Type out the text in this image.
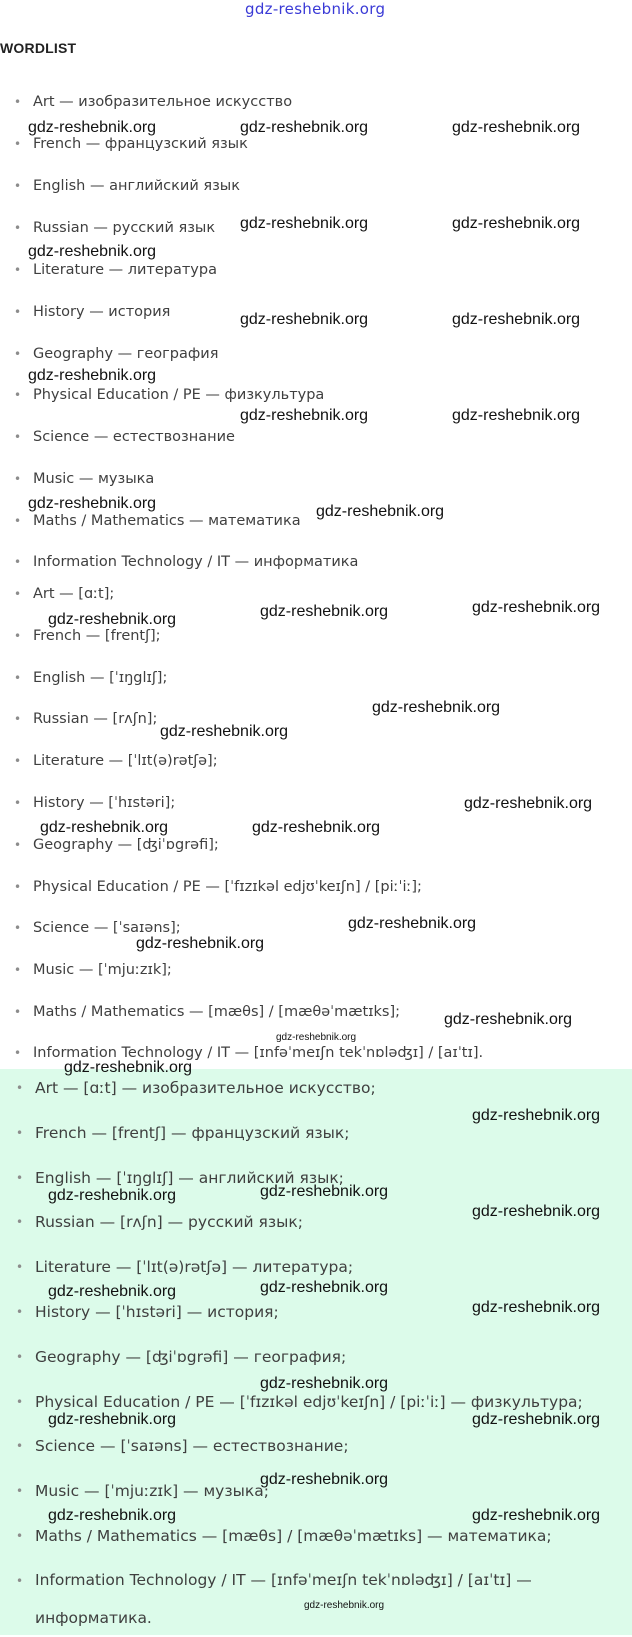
gdz-reshebnik.org
WORDLIST
• Art — изобразительное искусство
• French — французский язык
• English — английский язык
• Russian — русский язык
• Literature — литература
• History — история
• Geography — география
• Physical Education / PE — физкультура
• Science — естествознание
• Music — музыка
• Maths / Mathematics — математика
• Information Technology / IT — информатика
• Art — [ɑːt];
• French — [frentʃ];
• English — [ˈɪŋglɪʃ];
• Russian — [rʌʃn];
• Literature — [ˈlɪt(ə)rətʃə];
• History — [ˈhɪstəri];
• Geography — [ʤiˈɒgrəfi];
• Physical Education / PE — [ˈfɪzɪkəl edjʊˈkeɪʃn] / [piːˈiː];
• Science — [ˈsaɪəns];
• Music — [ˈmjuːzɪk];
• Maths / Mathematics — [mæθs] / [mæθəˈmætɪks];
• Information Technology / IT — [ɪnfəˈmeɪʃn tekˈnɒləʤɪ] / [aɪˈtɪ].
• Art — [ɑːt] — изобразительное искусство;
• French — [frentʃ] — французский язык;
• English — [ˈɪŋglɪʃ] — английский язык;
• Russian — [rʌʃn] — русский язык;
• Literature — [ˈlɪt(ə)rətʃə] — литература;
• History — [ˈhɪstəri] — история;
• Geography — [ʤiˈɒgrəfi] — география;
• Physical Education / PE — [ˈfɪzɪkəl edjʊˈkeɪʃn] / [piːˈiː] — физкультура;
• Science — [ˈsaɪəns] — естествознание;
• Music — [ˈmjuːzɪk] — музыка;
• Maths / Mathematics — [mæθs] / [mæθəˈmætɪks] — математика;
• Information Technology / IT — [ɪnfəˈmeɪʃn tekˈnɒləʤɪ] / [aɪˈtɪ] — информатика.
gdz-reshebnik.org	gdz-reshebnik.org	gdz-reshebnik.org
gdz-reshebnik.org	gdz-reshebnik.org
gdz-reshebnik.org
gdz-reshebnik.org	gdz-reshebnik.org
gdz-reshebnik.org
gdz-reshebnik.org	gdz-reshebnik.org
gdz-reshebnik.org	gdz-reshebnik.org
gdz-reshebnik.org
gdz-reshebnik.org
gdz-reshebnik.org
gdz-reshebnik.org
gdz-reshebnik.org
gdz-reshebnik.org
gdz-reshebnik.org	gdz-reshebnik.org
gdz-reshebnik.org
gdz-reshebnik.org
gdz-reshebnik.org
gdz-reshebnik.org
gdz-reshebnik.org
gdz-reshebnik.org
gdz-reshebnik.org
gdz-reshebnik.org
gdz-reshebnik.org
gdz-reshebnik.org
gdz-reshebnik.org
gdz-reshebnik.org
gdz-reshebnik.org
gdz-reshebnik.org	gdz-reshebnik.org
gdz-reshebnik.org
gdz-reshebnik.org	gdz-reshebnik.org
gdz-reshebnik.org
